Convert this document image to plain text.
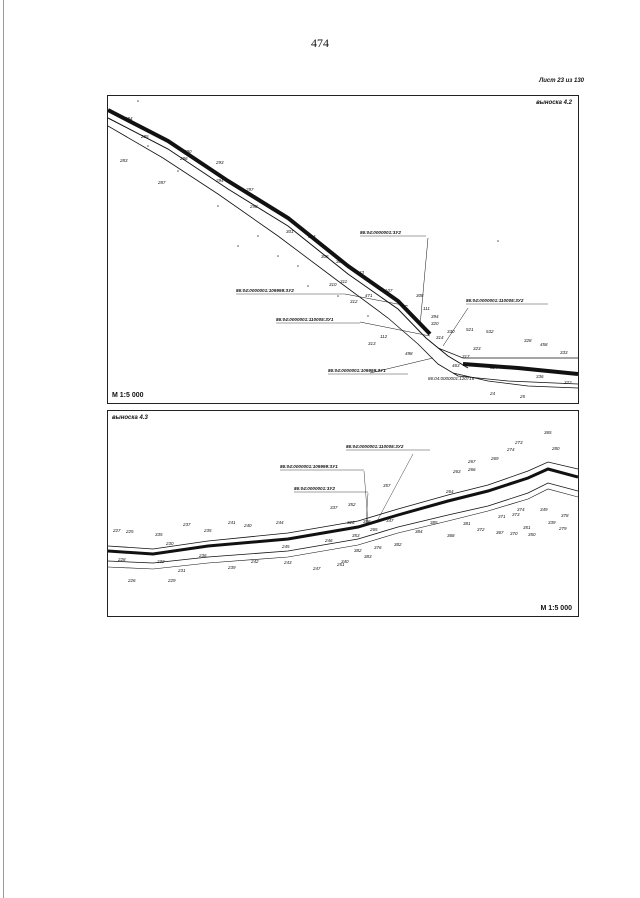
474
Лист 23 из 130
выноска 4.2
М 1:5 000
86:04:0000001:3У2
86:04:0000001:109999:3У2
86:04:0000001:110005:3У1
86:04:0000001:110005:3У2
86:04:0000001:109999:3У1
86:04:0000001:120716
284
285
283
290
286
287
293
294
297
298
301
304
305
309
310
43
311
107
308
312
471
111
112
313
394
330	521	532
314
320
317
323
463
498
324
328
458
333
336
24
25
322
выноска 4.3
М 1:5 000
86:04:0000001:110005:3У2
86:04:0000001:109999:3У1
86:04:0000001:3У2
227 225
335
230
228	232
231
226	229
237
235
236
241
240
239
242
244
245
243
247
246
251
340
337
352
353
382
383
326 356
376
357
265
347
382
384
385
368
381
372
371
367
373
370
374
351
350
349
339
279
378
273
274
365
280
266
269
263
267
264
